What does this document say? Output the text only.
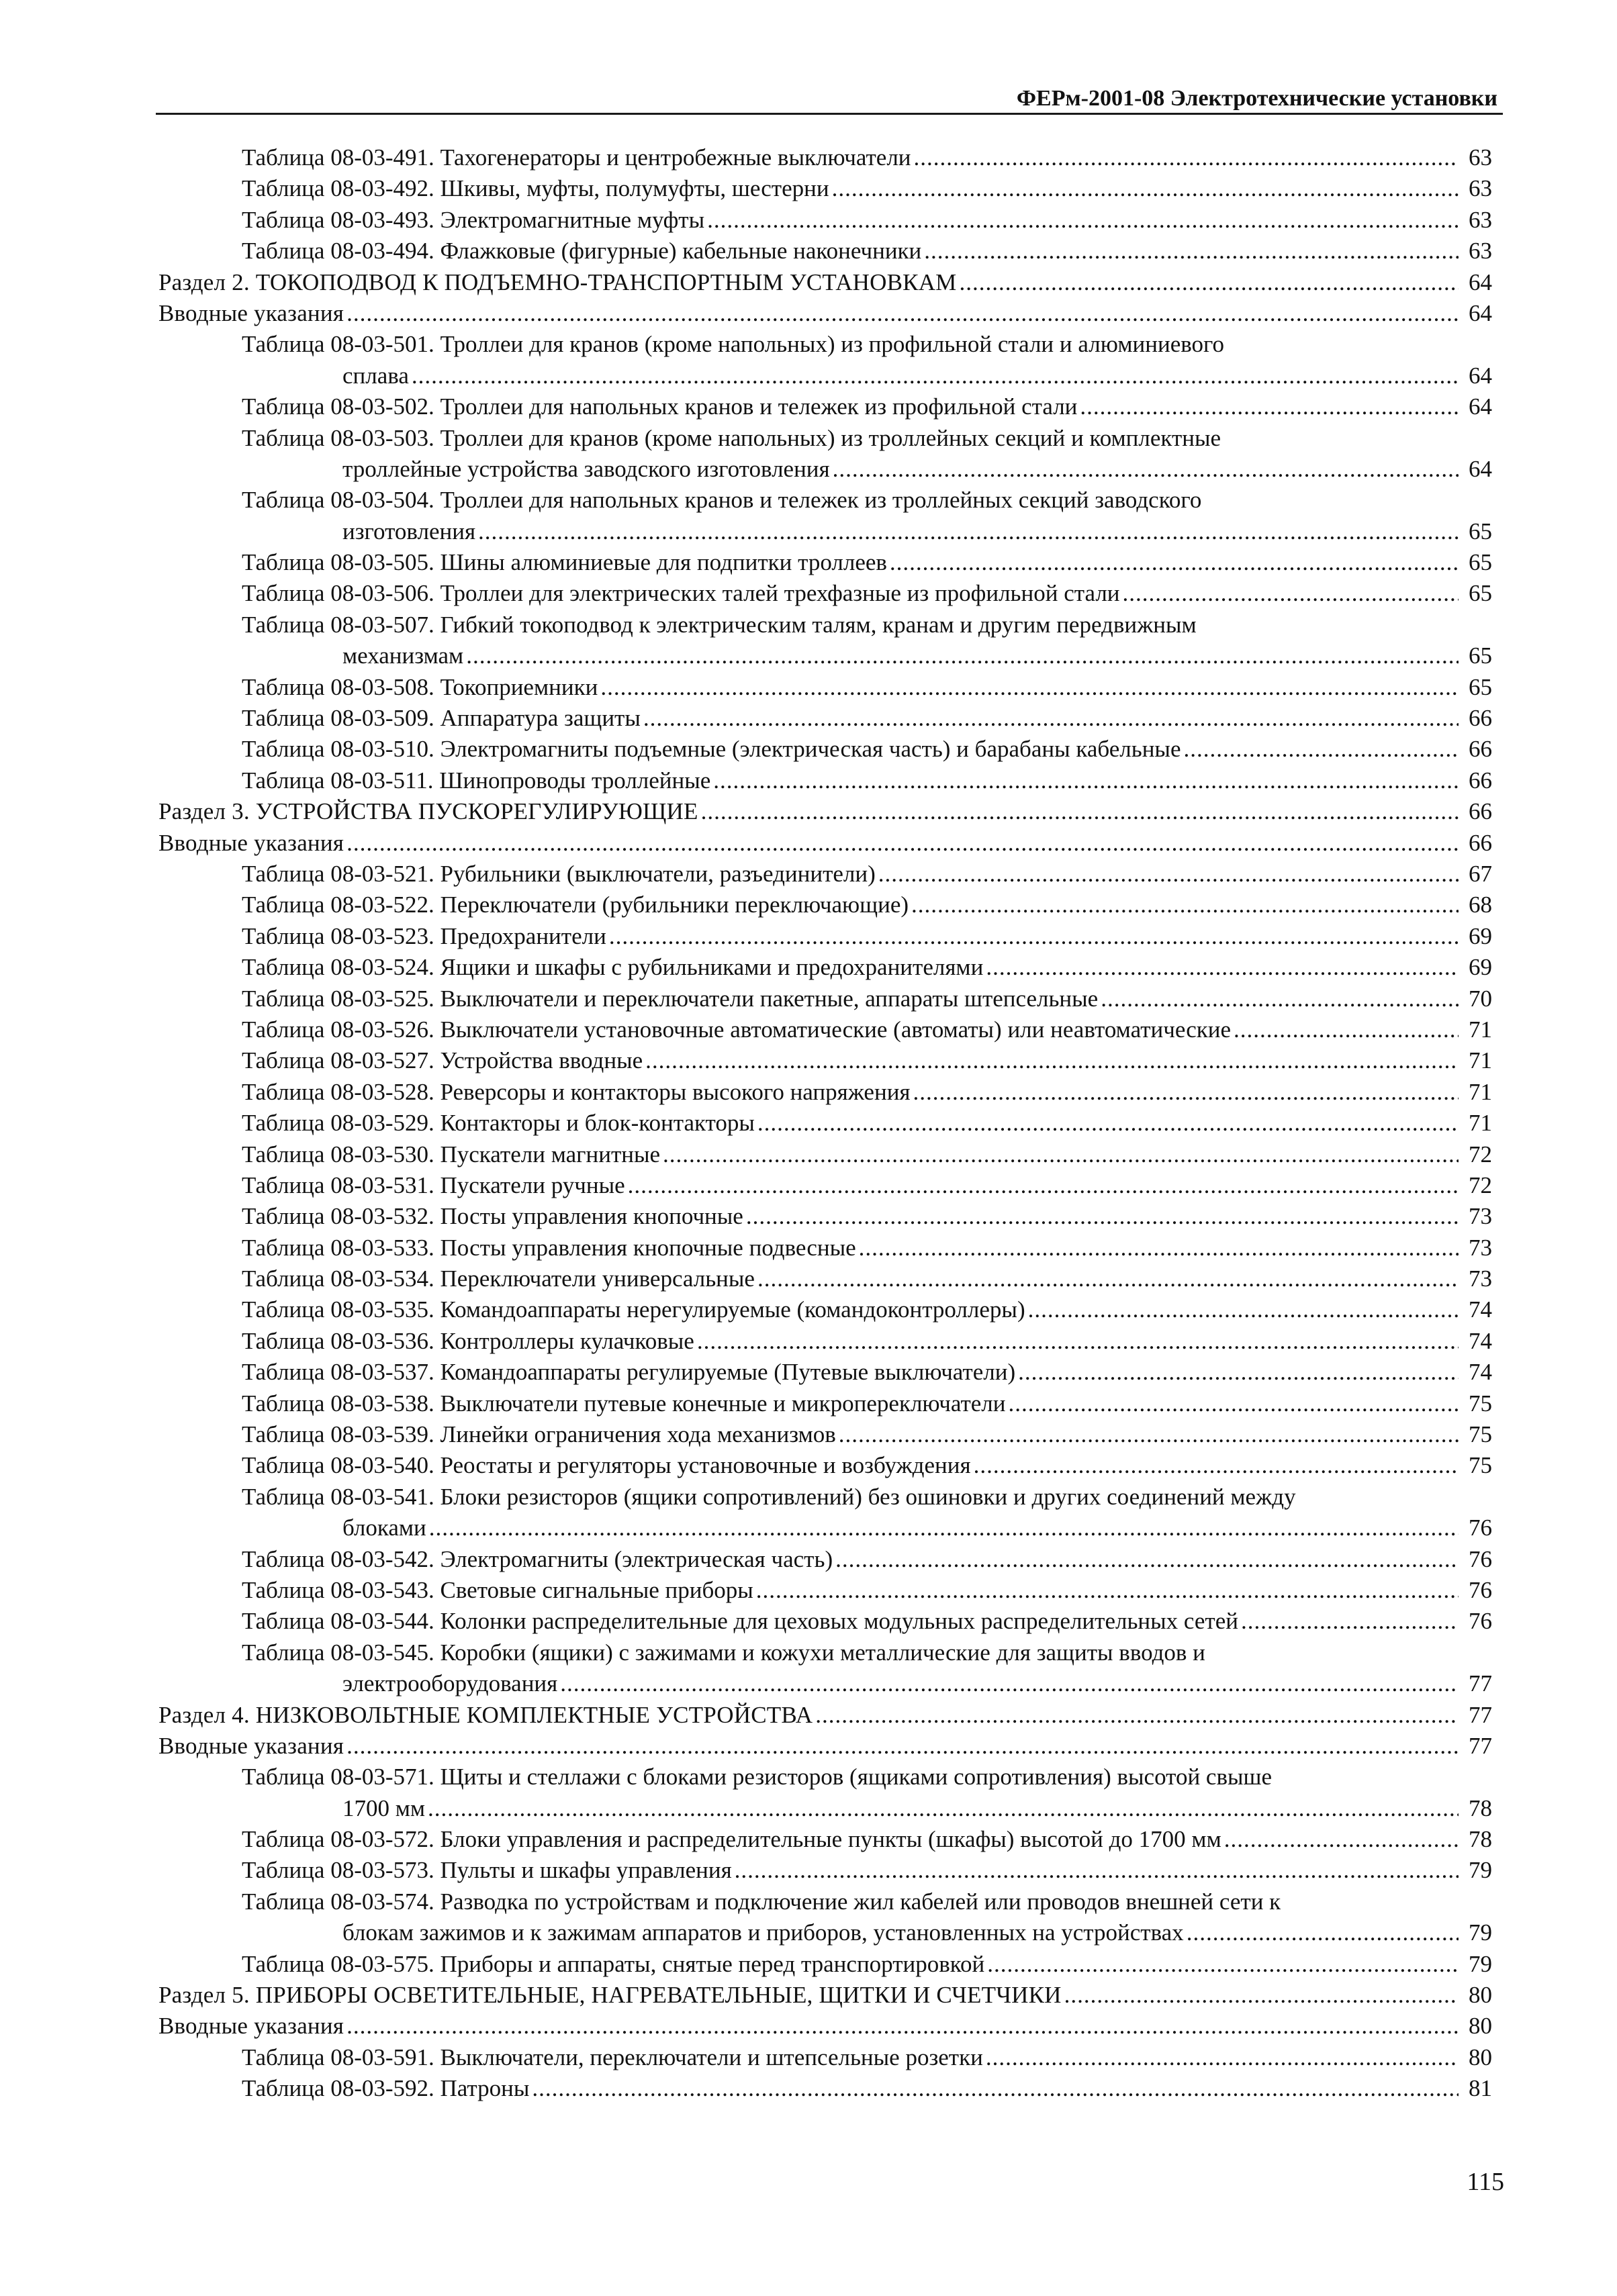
ФЕРм-2001-08 Электротехнические установки
Таблица 08-03-491. Тахогенераторы и центробежные выключатели .....	63
Таблица 08-03-492. Шкивы, муфты, полумуфты, шестерни .....	63
Таблица 08-03-493. Электромагнитные муфты .....	63
Таблица 08-03-494. Флажковые (фигурные) кабельные наконечники .....	63
Раздел 2. ТОКОПОДВОД К ПОДЪЕМНО-ТРАНСПОРТНЫМ УСТАНОВКАМ .....	64
Вводные указания .....	64
Таблица 08-03-501. Троллеи для кранов (кроме напольных) из профильной стали и алюминиевого
сплава .....	64
Таблица 08-03-502. Троллеи для напольных кранов и тележек из профильной стали .....	64
Таблица 08-03-503. Троллеи для кранов (кроме напольных) из троллейных секций и комплектные
троллейные устройства заводского изготовления .....	64
Таблица 08-03-504. Троллеи для напольных кранов и тележек из троллейных секций заводского
изготовления .....	65
Таблица 08-03-505. Шины алюминиевые для подпитки троллеев .....	65
Таблица 08-03-506. Троллеи для электрических талей трехфазные из профильной стали .....	65
Таблица 08-03-507. Гибкий токоподвод к электрическим талям, кранам и другим передвижным
механизмам .....	65
Таблица 08-03-508. Токоприемники .....	65
Таблица 08-03-509. Аппаратура защиты .....	66
Таблица 08-03-510. Электромагниты подъемные (электрическая часть) и барабаны кабельные .....	66
Таблица 08-03-511. Шинопроводы троллейные .....	66
Раздел 3. УСТРОЙСТВА ПУСКОРЕГУЛИРУЮЩИЕ .....	66
Вводные указания .....	66
Таблица 08-03-521. Рубильники (выключатели, разъединители) .....	67
Таблица 08-03-522. Переключатели (рубильники переключающие) .....	68
Таблица 08-03-523. Предохранители .....	69
Таблица 08-03-524. Ящики и шкафы с рубильниками и предохранителями .....	69
Таблица 08-03-525. Выключатели и переключатели пакетные, аппараты штепсельные .....	70
Таблица 08-03-526. Выключатели установочные автоматические (автоматы) или неавтоматические .....	71
Таблица 08-03-527. Устройства вводные .....	71
Таблица 08-03-528. Реверсоры и контакторы высокого напряжения .....	71
Таблица 08-03-529. Контакторы и блок-контакторы .....	71
Таблица 08-03-530. Пускатели магнитные .....	72
Таблица 08-03-531. Пускатели ручные .....	72
Таблица 08-03-532. Посты управления кнопочные .....	73
Таблица 08-03-533. Посты управления кнопочные подвесные .....	73
Таблица 08-03-534. Переключатели универсальные .....	73
Таблица 08-03-535. Командоаппараты нерегулируемые (командоконтроллеры) .....	74
Таблица 08-03-536. Контроллеры кулачковые .....	74
Таблица 08-03-537. Командоаппараты регулируемые (Путевые выключатели) .....	74
Таблица 08-03-538. Выключатели путевые конечные и микропереключатели .....	75
Таблица 08-03-539. Линейки ограничения хода механизмов .....	75
Таблица 08-03-540. Реостаты и регуляторы установочные и возбуждения .....	75
Таблица 08-03-541. Блоки резисторов (ящики сопротивлений) без ошиновки и других соединений между
блоками .....	76
Таблица 08-03-542. Электромагниты (электрическая часть) .....	76
Таблица 08-03-543. Световые сигнальные приборы .....	76
Таблица 08-03-544. Колонки распределительные для цеховых модульных распределительных сетей .....	76
Таблица 08-03-545. Коробки (ящики) с зажимами и кожухи металлические для защиты вводов и
электрооборудования .....	77
Раздел 4. НИЗКОВОЛЬТНЫЕ КОМПЛЕКТНЫЕ УСТРОЙСТВА .....	77
Вводные указания .....	77
Таблица 08-03-571. Щиты и стеллажи с блоками резисторов (ящиками сопротивления) высотой свыше
1700 мм .....	78
Таблица 08-03-572. Блоки управления и распределительные пункты (шкафы) высотой до 1700 мм .....	78
Таблица 08-03-573. Пульты и шкафы управления .....	79
Таблица 08-03-574. Разводка по устройствам и подключение жил кабелей или проводов внешней сети к
блокам зажимов и к зажимам аппаратов и приборов, установленных на устройствах .....	79
Таблица 08-03-575. Приборы и аппараты, снятые перед транспортировкой .....	79
Раздел 5. ПРИБОРЫ ОСВЕТИТЕЛЬНЫЕ, НАГРЕВАТЕЛЬНЫЕ, ЩИТКИ И СЧЕТЧИКИ .....	80
Вводные указания .....	80
Таблица 08-03-591. Выключатели, переключатели и штепсельные розетки .....	80
Таблица 08-03-592. Патроны .....	81
115
